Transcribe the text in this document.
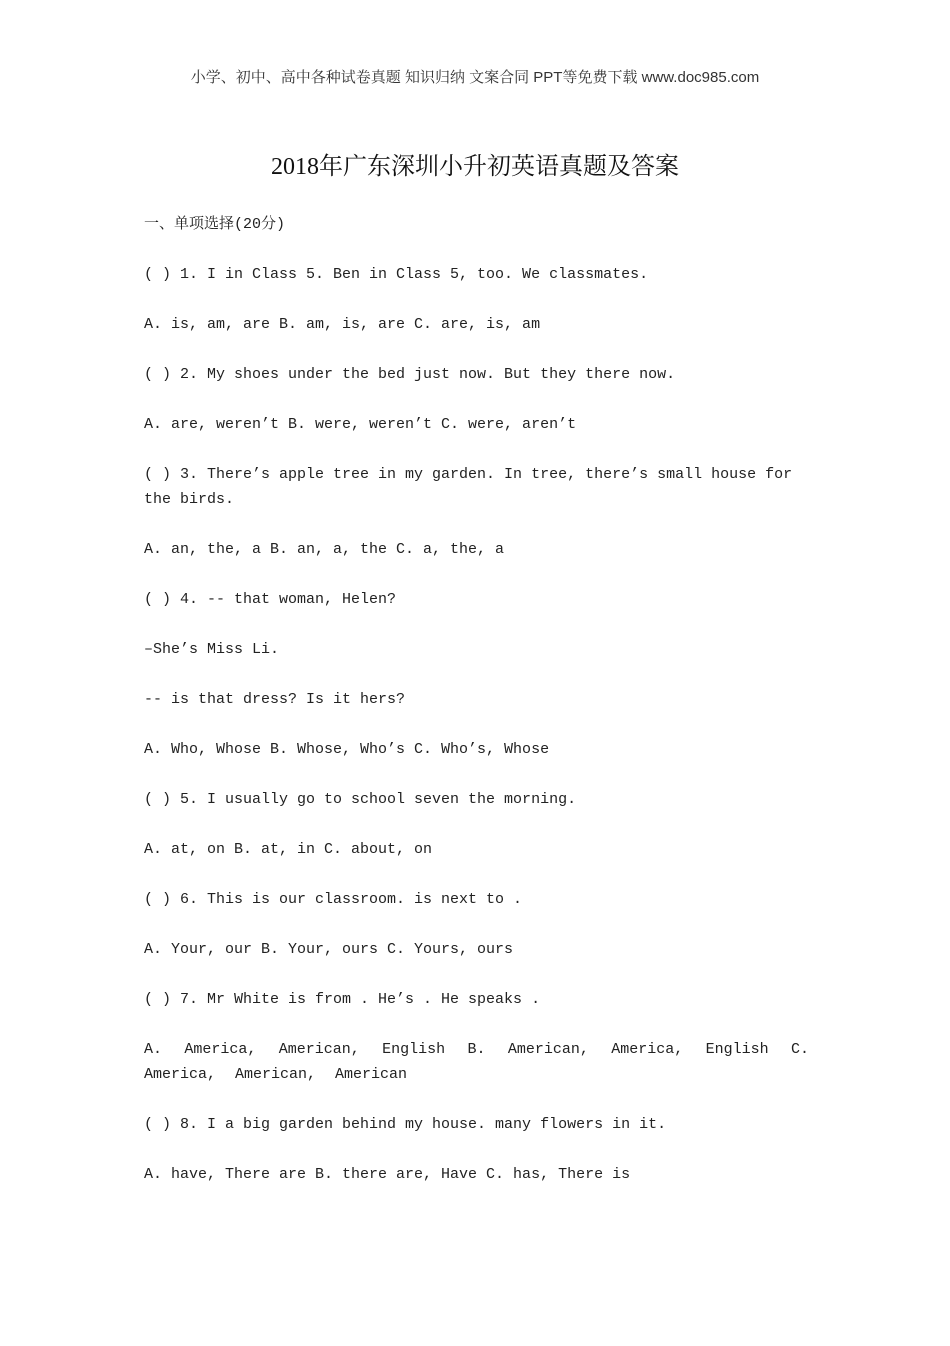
小学、初中、高中各种试卷真题 知识归纳 文案合同 PPT等免费下载 www.doc985.com
2018年广东深圳小升初英语真题及答案
一、单项选择(20分)
( ) 1. I in Class 5. Ben in Class 5, too. We classmates.
A. is, am, are B. am, is, are C. are, is, am
( ) 2. My shoes under the bed just now. But they there now.
A. are, weren’t B. were, weren’t C. were, aren’t
( ) 3. There’s apple tree in my garden. In tree, there’s small house for the birds.
A. an, the, a B. an, a, the C. a, the, a
( ) 4. -- that woman, Helen?
–She’s Miss Li.
-- is that dress? Is it hers?
A. Who, Whose B. Whose, Who’s C. Who’s, Whose
( ) 5. I usually go to school seven the morning.
A. at, on B. at, in C. about, on
( ) 6. This is our classroom. is next to .
A. Your, our B. Your, ours C. Yours, ours
( ) 7. Mr White is from . He’s . He speaks .
A. America, American, English B. American, America, English C. America, American, American
( ) 8. I a big garden behind my house. many flowers in it.
A. have, There are B. there are, Have C. has, There is
